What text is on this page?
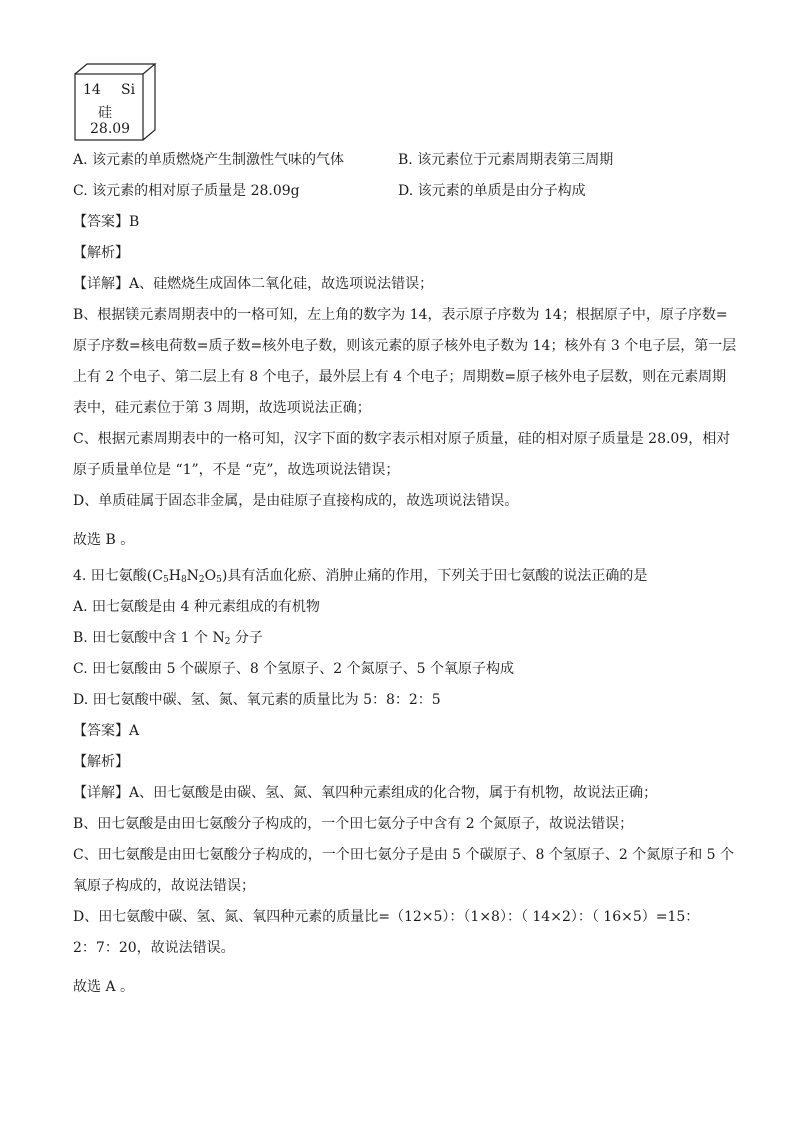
14 Si
硅
28.09
A. 该元素的单质燃烧产生制激性气味的气体	B. 该元素位于元素周期表第三周期
C. 该元素的相对原子质量是 28.09g	D. 该元素的单质是由分子构成
【答案】B
【解析】
【详解】A、硅燃烧生成固体二氧化硅，故选项说法错误；
B、根据镁元素周期表中的一格可知，左上角的数字为 14，表示原子序数为 14；根据原子中，原子序数=
原子序数=核电荷数=质子数=核外电子数，则该元素的原子核外电子数为 14；核外有 3 个电子层，第一层
上有 2 个电子、第二层上有 8 个电子，最外层上有 4 个电子；周期数=原子核外电子层数，则在元素周期
表中，硅元素位于第 3 周期，故选项说法正确；
C、根据元素周期表中的一格可知，汉字下面的数字表示相对原子质量，硅的相对原子质量是 28.09，相对
原子质量单位是 “1”，不是 “克”，故选项说法错误；
D、单质硅属于固态非金属，是由硅原子直接构成的，故选项说法错误。
故选 B 。
4. 田七氨酸$(C_5H_8N_2O_5)$具有活血化瘀、消肿止痛的作用，下列关于田七氨酸的说法正确的是
A. 田七氨酸是由 4 种元素组成的有机物
B. 田七氨酸中含 1 个 $N_2$ 分子
C. 田七氨酸由 5 个碳原子、8 个氢原子、2 个氮原子、5 个氧原子构成
D. 田七氨酸中碳、氢、氮、氧元素的质量比为 5：8：2：5
【答案】A
【解析】
【详解】A、田七氨酸是由碳、氢、氮、氧四种元素组成的化合物，属于有机物，故说法正确；
B、田七氨酸是由田七氨酸分子构成的，一个田七氨分子中含有 2 个氮原子，故说法错误；
C、田七氨酸是由田七氨酸分子构成的，一个田七氨分子是由 5 个碳原子、8 个氢原子、2 个氮原子和 5 个
氧原子构成的，故说法错误；
D、田七氨酸中碳、氢、氮、氧四种元素的质量比=（12×5）：（1×8）：（ 14×2）：（ 16×5）=15：
2：7：20，故说法错误。
故选 A 。
